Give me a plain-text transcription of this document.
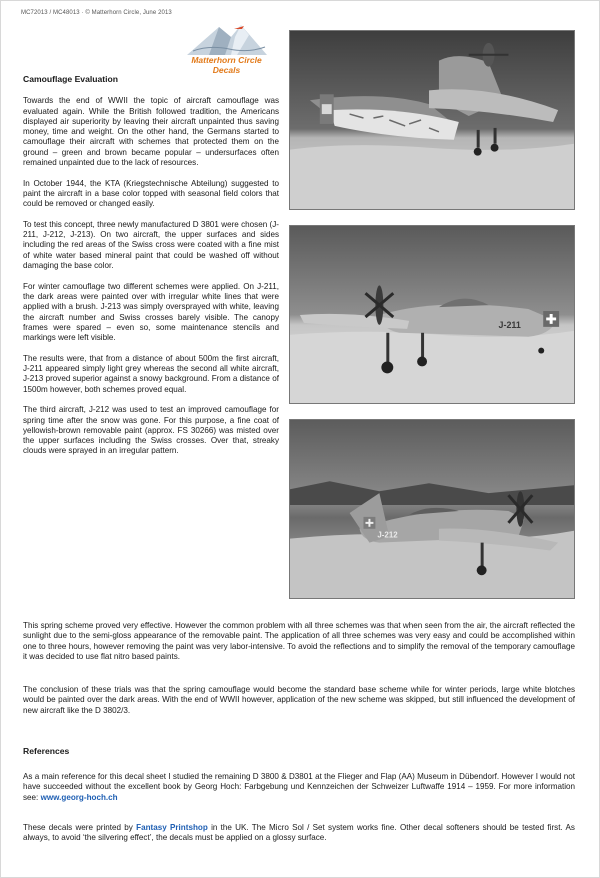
MC72013 / MC48013 · © Matterhorn Circle, June 2013
Matterhorn Circle Decals

Camouflage Evaluation

Towards the end of WWII the topic of aircraft camouflage was evaluated again. While the British followed tradition, the Americans displayed air superiority by leaving their aircraft unpainted thus saving money, time and weight. On the other hand, the Germans started to camouflage their aircraft with schemes that protected them on the ground – green and brown became popular – undersurfaces often remained unpainted due to the lack of resources.

In October 1944, the KTA (Kriegstechnische Abteilung) suggested to paint the aircraft in a base color topped with seasonal field colors that could be removed or changed easily.

To test this concept, three newly manufactured D 3801 were chosen (J-211, J-212, J-213). On two aircraft, the upper surfaces and sides including the red areas of the Swiss cross were coated with a fine mist of white water based mineral paint that could be washed off without damaging the base color.

For winter camouflage two different schemes were applied. On J-211, the dark areas were painted over with irregular white lines that were applied with a brush. J-213 was simply oversprayed with white, leaving the aircraft number and Swiss crosses barely visible. The canopy frames were spared – even so, some maintenance stencils and markings were left visible.

The results were, that from a distance of about 500m the first aircraft, J-211 appeared simply light grey whereas the second all white aircraft, J-213 proved superior against a snowy background. From a distance of 1500m however, both schemes proved equal.

The third aircraft, J-212 was used to test an improved camouflage for spring time after the snow was gone. For this purpose, a fine coat of yellowish-brown removable paint (approx. FS 30266) was misted over the upper surfaces including the Swiss crosses. Over that, streaky clouds were sprayed in an irregular pattern.

J-211
J-212

This spring scheme proved very effective. However the common problem with all three schemes was that when seen from the air, the aircraft reflected the sunlight due to the semi-gloss appearance of the removable paint. The application of all three schemes was very easy and could be accomplished within one to three hours, however removing the paint was very labor-intensive. To avoid the reflections and to simplify the removal of the temporary camouflage it was decided to use flat nitro based paints.

The conclusion of these trials was that the spring camouflage would become the standard base scheme while for winter periods, large white blotches would be painted over the dark areas. With the end of WWII however, application of the new scheme was skipped, but still influenced the development of new aircraft like the D 3802/3.

References

As a main reference for this decal sheet I studied the remaining D 3800 & D3801 at the Flieger and Flap (AA) Museum in Dübendorf. However I would not have succeeded without the excellent book by Georg Hoch: Farbgebung und Kennzeichen der Schweizer Luftwaffe 1914 – 1959. For more information see: www.georg-hoch.ch

These decals were printed by Fantasy Printshop in the UK. The Micro Sol / Set system works fine. Other decal softeners should be tested first. As always, to avoid ‘the silvering effect’, the decals must be applied on a glossy surface.
